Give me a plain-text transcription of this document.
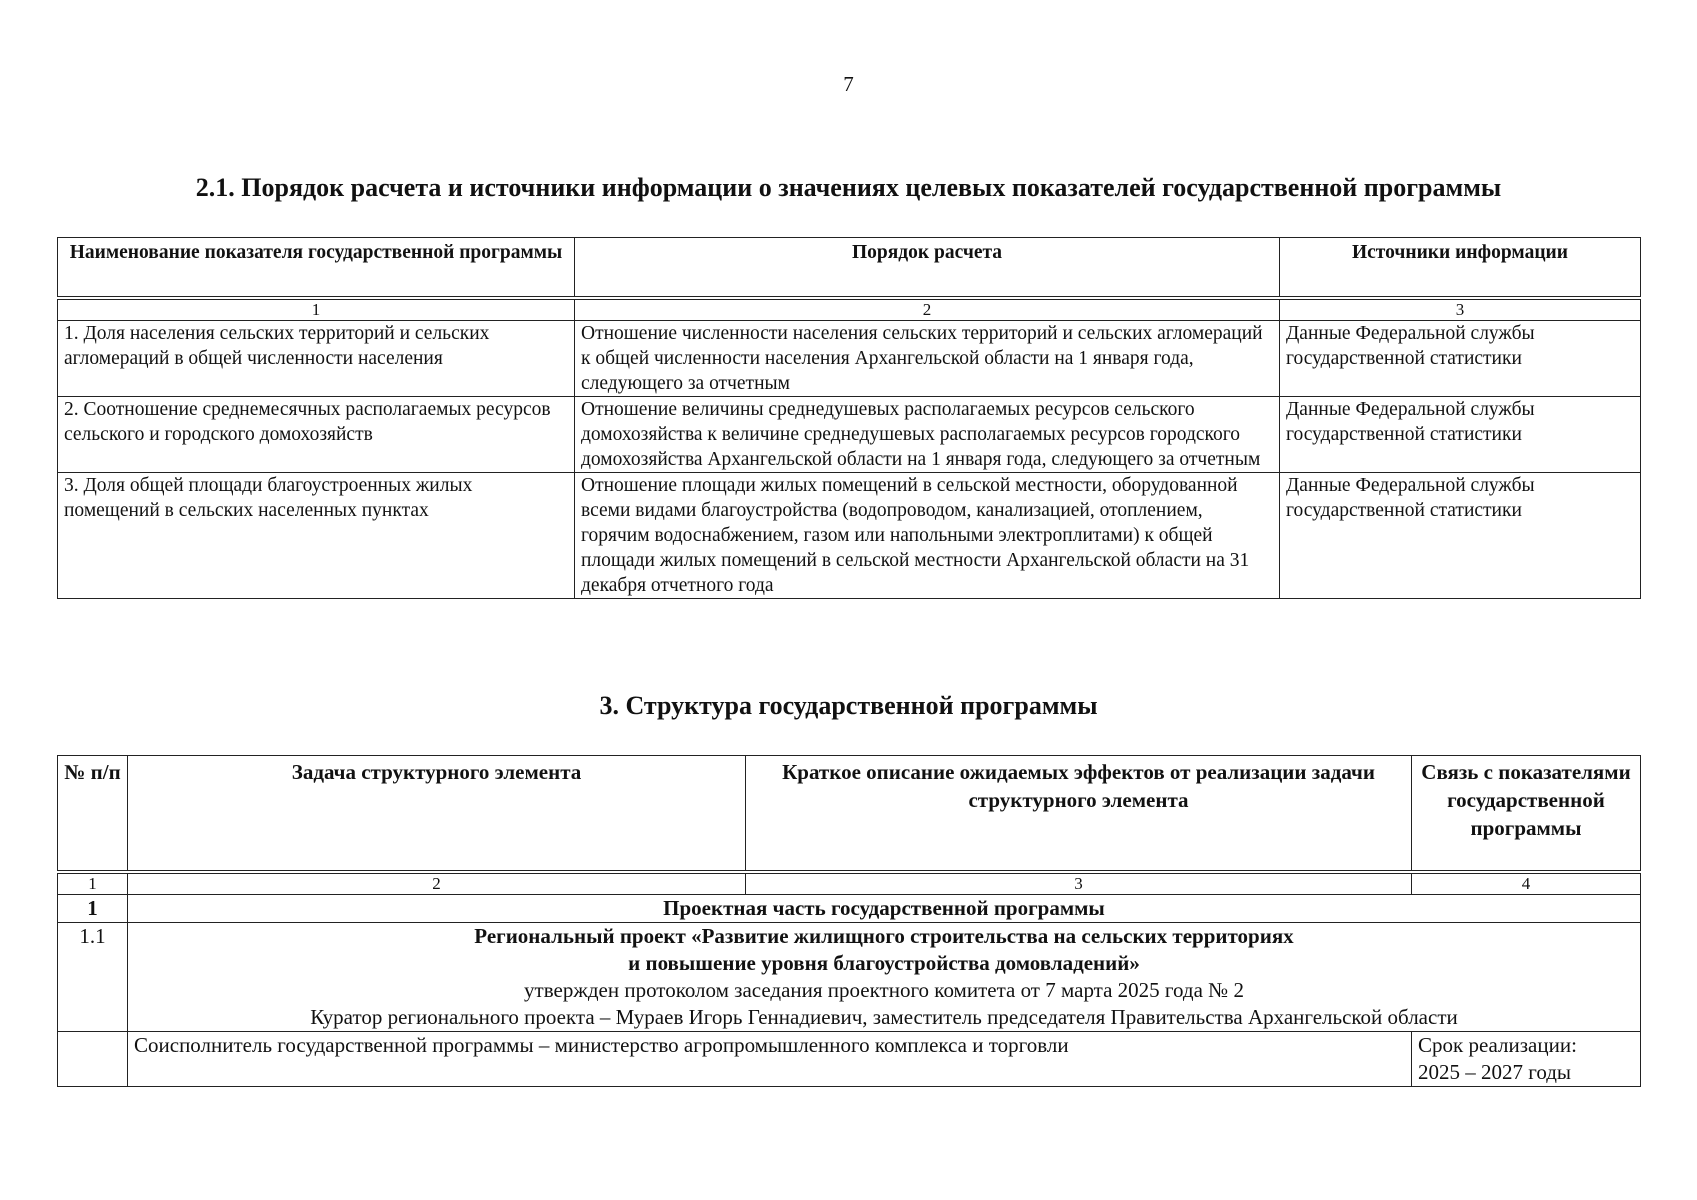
7
2.1. Порядок расчета и источники информации о значениях целевых показателей государственной программы
Наименование показателя государственной программы	Порядок расчета	Источники информации
1	2	3
1. Доля населения сельских территорий и сельских агломераций в общей численности населения	Отношение численности населения сельских территорий и сельских агломераций к общей численности населения Архангельской области на 1 января года, следующего за отчетным	Данные Федеральной службы государственной статистики
2. Соотношение среднемесячных располагаемых ресурсов сельского и городского домохозяйств	Отношение величины среднедушевых располагаемых ресурсов сельского домохозяйства к величине среднедушевых располагаемых ресурсов городского домохозяйства Архангельской области на 1 января года, следующего за отчетным	Данные Федеральной службы государственной статистики
3. Доля общей площади благоустроенных жилых помещений в сельских населенных пунктах	Отношение площади жилых помещений в сельской местности, оборудованной всеми видами благоустройства (водопроводом, канализацией, отоплением, горячим водоснабжением, газом или напольными электроплитами) к общей площади жилых помещений в сельской местности Архангельской области на 31 декабря отчетного года	Данные Федеральной службы государственной статистики
3. Структура государственной программы
№ п/п	Задача структурного элемента	Краткое описание ожидаемых эффектов от реализации задачи структурного элемента	Связь с показателями государственной программы
1	2	3	4
1	Проектная часть государственной программы		
1.1	Региональный проект «Развитие жилищного строительства на сельских территориях
и повышение уровня благоустройства домовладений»
утвержден протоколом заседания проектного комитета от 7 марта 2025 года № 2
Куратор регионального проекта – Мураев Игорь Геннадиевич, заместитель председателя Правительства Архангельской области		

	Соисполнитель государственной программы – министерство агропромышленного комплекса и торговли		Срок реализации:
2025 – 2027 годы
